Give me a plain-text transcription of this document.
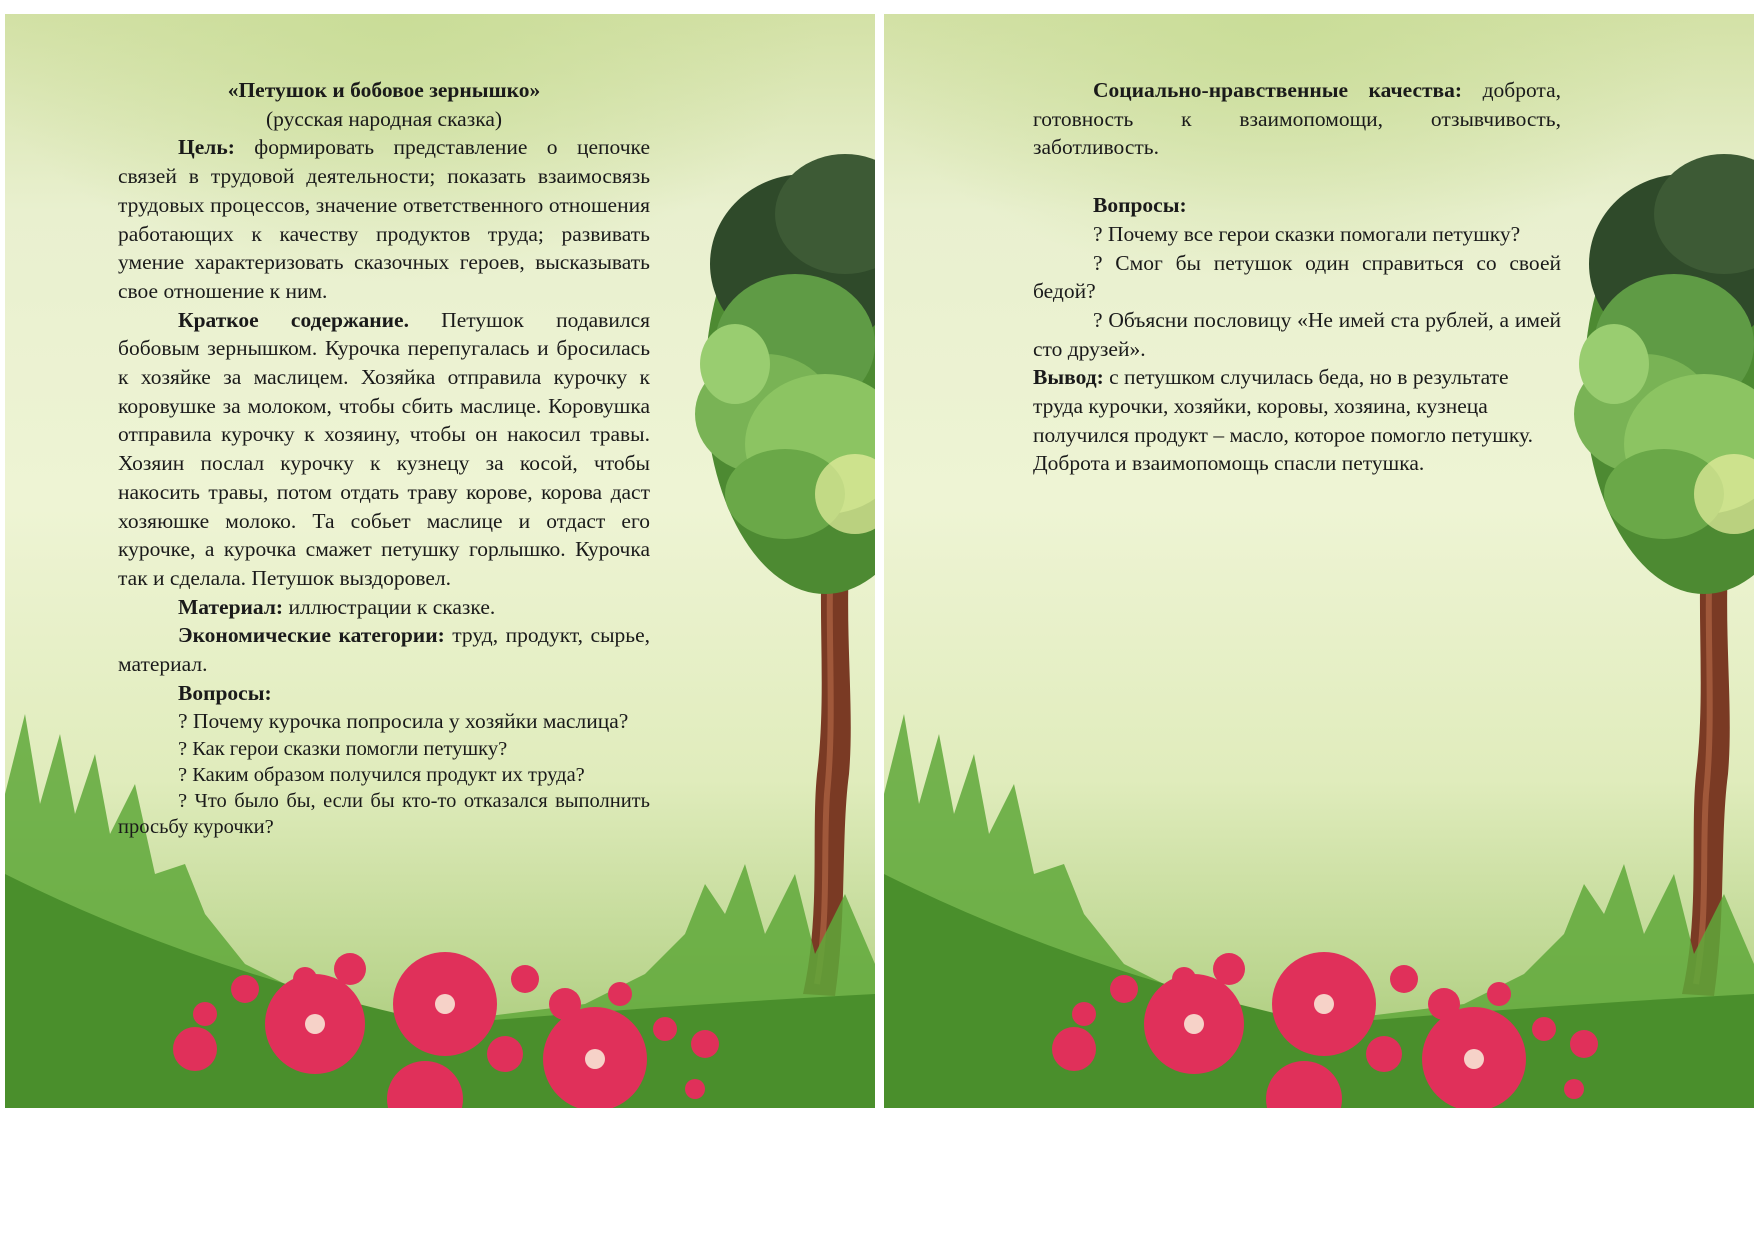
«Петушок и бобовое зернышко»
(русская народная сказка)
Цель: формировать представление о цепочке связей в трудовой деятельности; показать взаимосвязь трудовых процессов, значение ответственного отношения работающих к качеству продуктов труда; развивать умение характеризовать сказочных героев, высказывать свое отношение к ним.
Краткое содержание. Петушок подавился бобовым зернышком. Курочка перепугалась и бросилась к хозяйке за маслицем. Хозяйка отправила курочку к коровушке за молоком, чтобы сбить маслице. Коровушка отправила курочку к хозяину, чтобы он накосил травы. Хозяин послал курочку к кузнецу за косой, чтобы накосить травы, потом отдать траву корове, корова даст хозяюшке молоко. Та собьет маслице и отдаст его курочке, а курочка смажет петушку горлышко. Курочка так и сделала. Петушок выздоровел.
Материал: иллюстрации к сказке.
Экономические категории: труд, продукт, сырье, материал.
Вопросы:
? Почему курочка попросила у хозяйки маслица?
? Как герои сказки помогли петушку?
? Каким образом получился продукт их труда?
? Что было бы, если бы кто-то отказался выполнить просьбу курочки?
Социально-нравственные качества: доброта, готовность к взаимопомощи, отзывчивость, заботливость.
Вопросы:
? Почему все герои сказки помогали петушку?
? Смог бы петушок один справиться со своей бедой?
? Объясни пословицу «Не имей ста рублей, а имей сто друзей».
Вывод: с петушком случилась беда, но в результате труда курочки, хозяйки, коровы, хозяина, кузнеца получился продукт – масло, которое помогло петушку. Доброта и взаимопомощь спасли петушка.
